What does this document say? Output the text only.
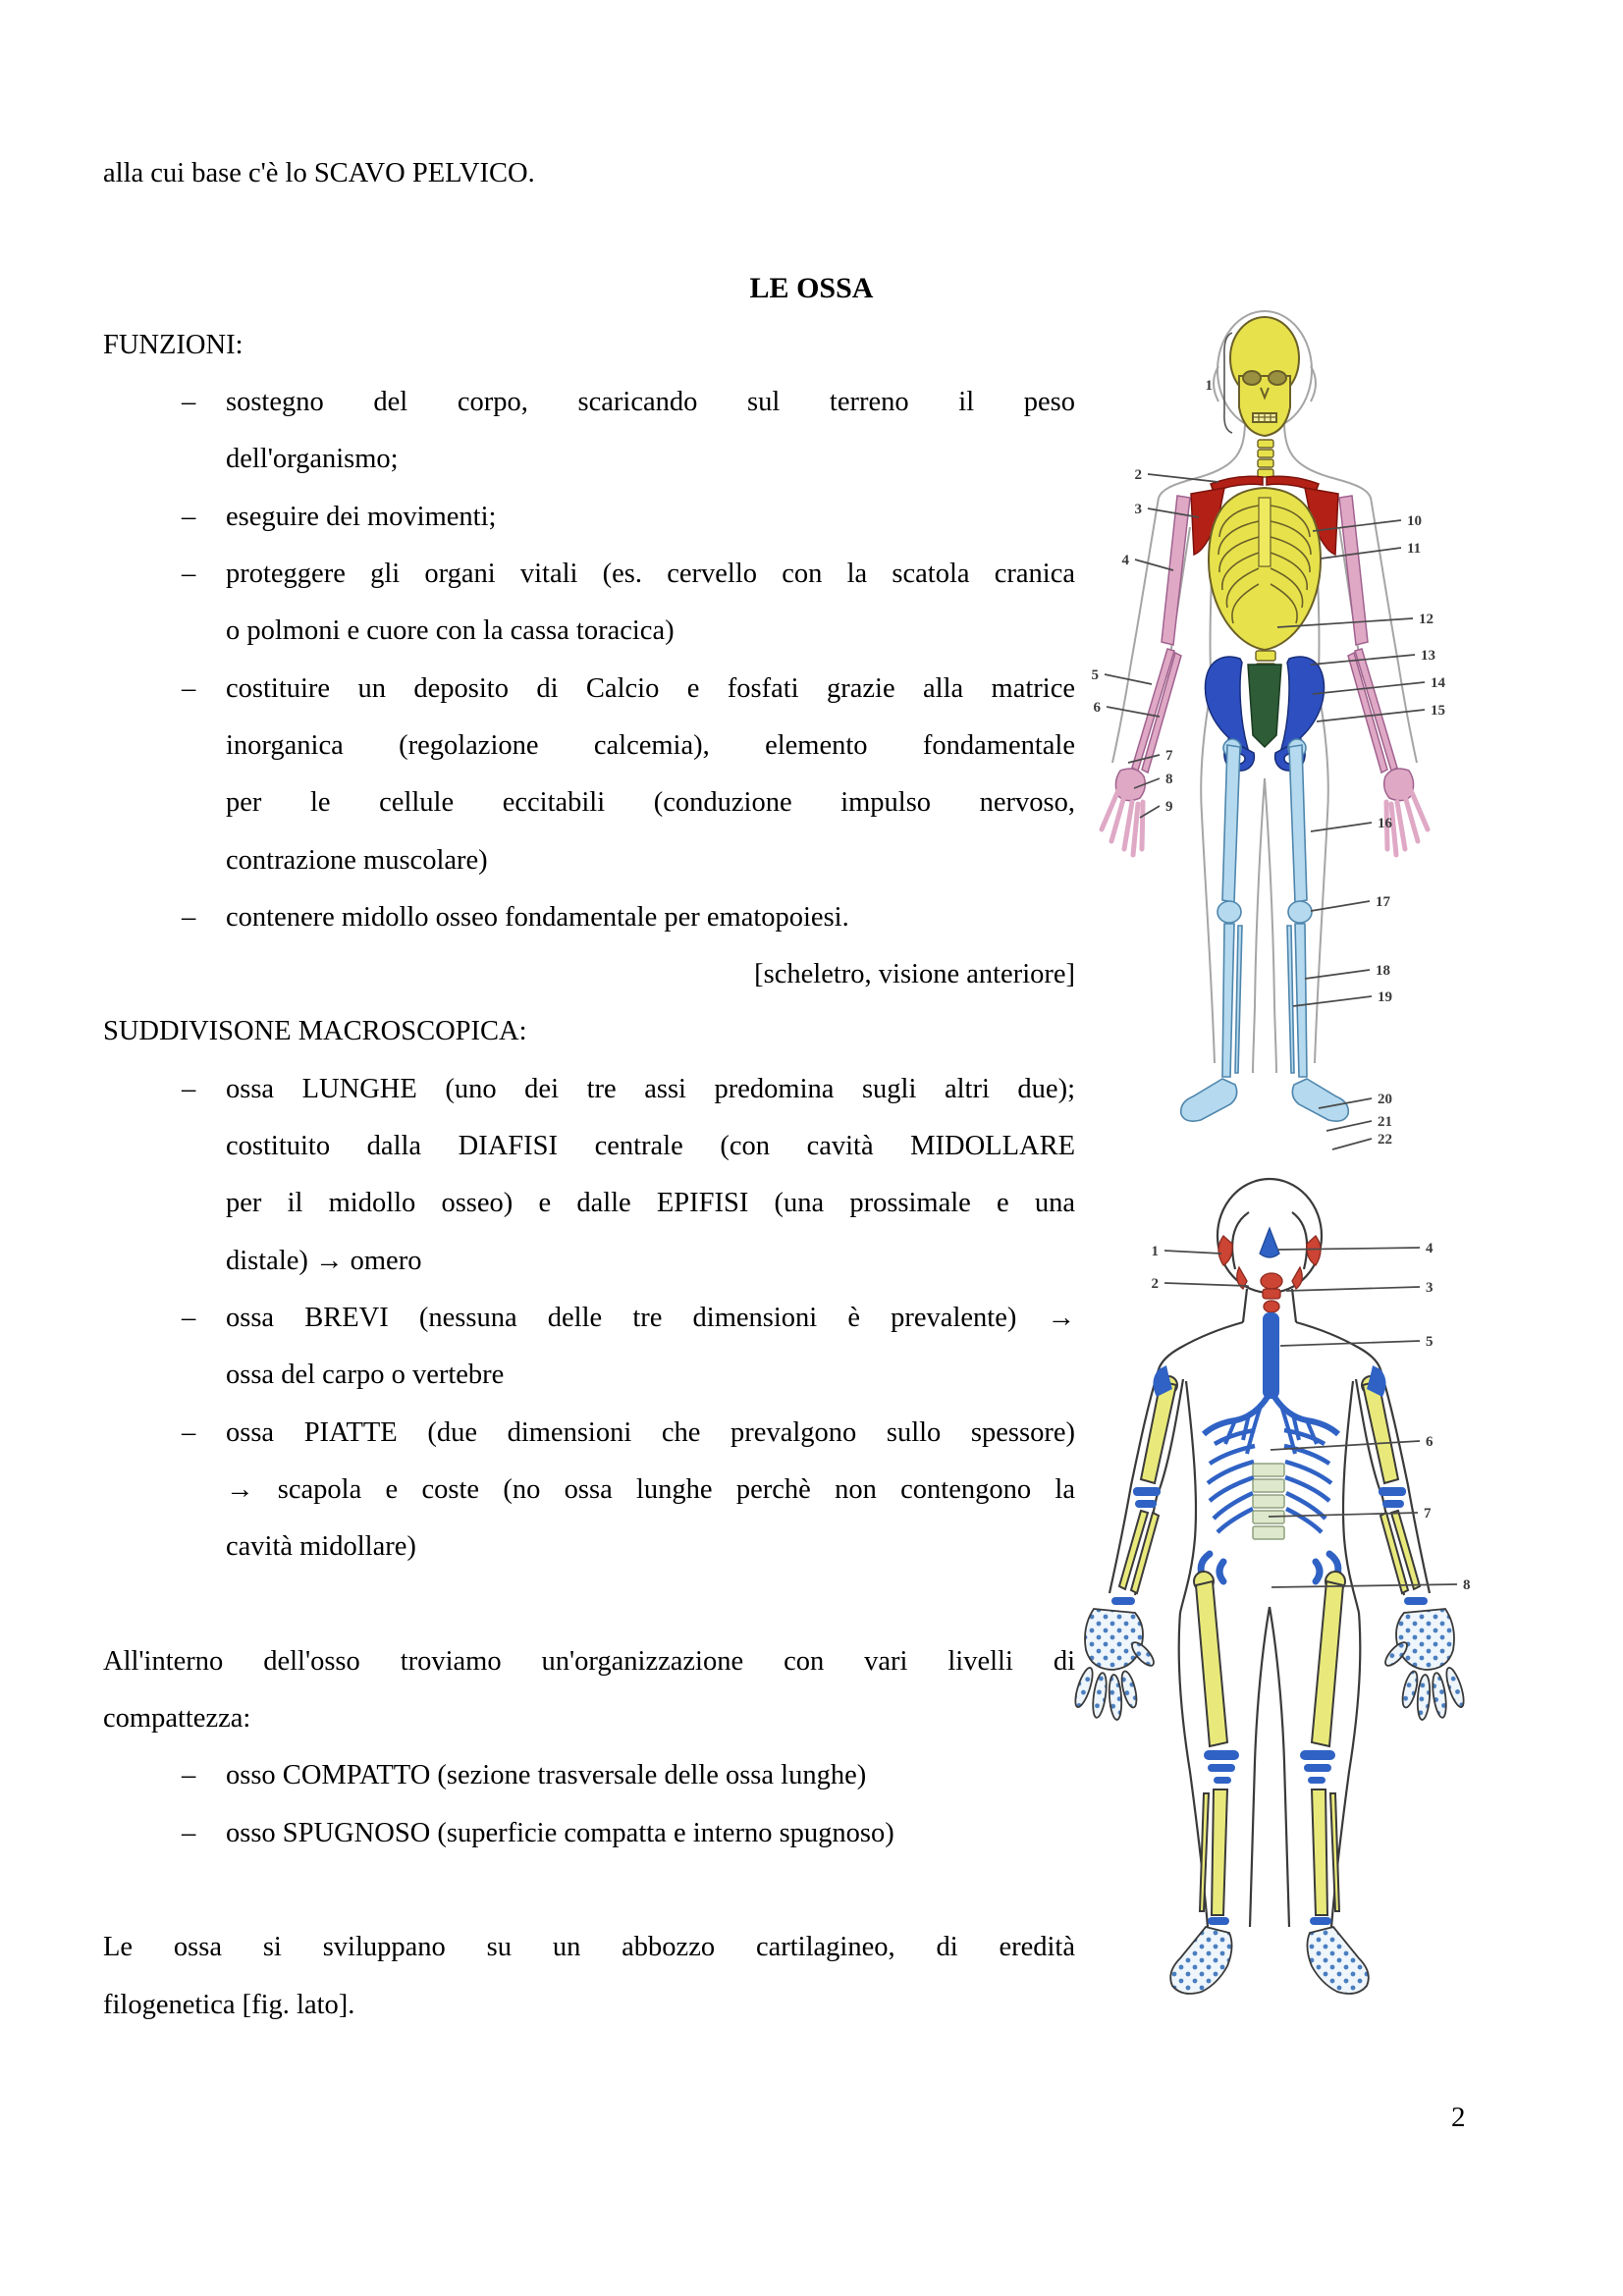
alla cui base c'è lo SCAVO PELVICO.
LE OSSA
FUNZIONI:
– sostegno del corpo, scaricando sul terreno il peso
dell'organismo;
– eseguire dei movimenti;
– proteggere gli organi vitali (es. cervello con la scatola cranica
o polmoni e cuore con la cassa toracica)
– costituire un deposito di Calcio e fosfati grazie alla matrice
inorganica (regolazione calcemia), elemento fondamentale
per le cellule eccitabili (conduzione impulso nervoso,
contrazione muscolare)
– contenere midollo osseo fondamentale per ematopoiesi.
[scheletro, visione anteriore]
SUDDIVISONE MACROSCOPICA:
– ossa LUNGHE (uno dei tre assi predomina sugli altri due);
costituito dalla DIAFISI centrale (con cavità MIDOLLARE
per il midollo osseo) e dalle EPIFISI (una prossimale e una
distale) → omero
– ossa BREVI (nessuna delle tre dimensioni è prevalente) →
ossa del carpo o vertebre
– ossa PIATTE (due dimensioni che prevalgono sullo spessore)
→ scapola e coste (no ossa lunghe perchè non contengono la
cavità midollare)
All'interno dell'osso troviamo un'organizzazione con vari livelli di
compattezza:
– osso COMPATTO (sezione trasversale delle ossa lunghe)
– osso SPUGNOSO (superficie compatta e interno spugnoso)
Le ossa si sviluppano su un abbozzo cartilagineo, di eredità
filogenetica [fig. lato].
2
1
2
3
4
5
6
7
8
9
10
11
12
13
14
15
16
17
18
19
20
21
22
1
2
4
3
5
6
7
8
